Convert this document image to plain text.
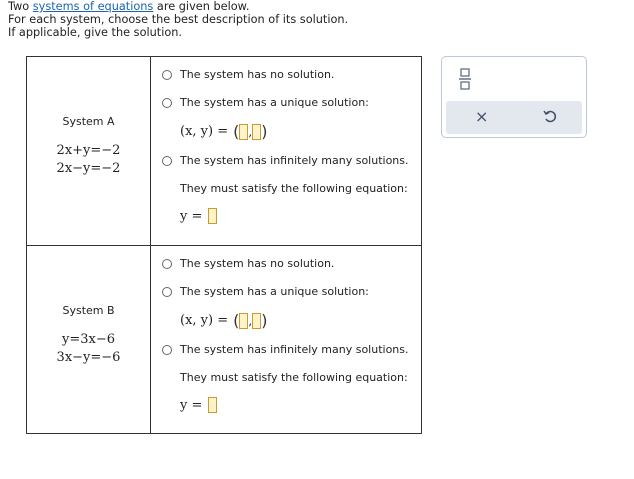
Two systems of equations are given below.
For each system, choose the best description of its solution.
If applicable, give the solution.
System A
2x+y=−2
2x−y=−2
The system has no solution.
The system has a unique solution:
(x, y) = ( , )
The system has infinitely many solutions.
They must satisfy the following equation:
y =
System B
y=3x−6
3x−y=−6
The system has no solution.
The system has a unique solution:
(x, y) = ( , )
The system has infinitely many solutions.
They must satisfy the following equation:
y =
×
